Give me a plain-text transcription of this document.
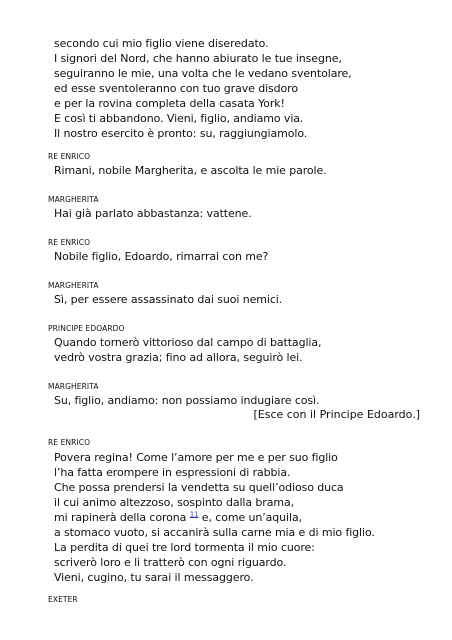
secondo cui mio figlio viene diseredato.
I signori del Nord, che hanno abiurato le tue insegne,
seguiranno le mie, una volta che le vedano sventolare,
ed esse sventoleranno con tuo grave disdoro
e per la rovina completa della casata York!
E così ti abbandono. Vieni, figlio, andiamo via.
Il nostro esercito è pronto: su, raggiungiamolo.
RE ENRICO
Rimani, nobile Margherita, e ascolta le mie parole.
MARGHERITA
Hai già parlato abbastanza: vattene.
RE ENRICO
Nobile figlio, Edoardo, rimarrai con me?
MARGHERITA
Sì, per essere assassinato dai suoi nemici.
PRINCIPE EDOARDO
Quando tornerò vittorioso dal campo di battaglia,
vedrò vostra grazia; fino ad allora, seguirò lei.
MARGHERITA
Su, figlio, andiamo: non possiamo indugiare così.
[Esce con il Principe Edoardo.]
RE ENRICO
Povera regina! Come l’amore per me e per suo figlio
l’ha fatta erompere in espressioni di rabbia.
Che possa prendersi la vendetta su quell’odioso duca
il cui animo altezzoso, sospinto dalla brama,
mi rapinerà della corona $^{11}$ e, come un’aquila,
a stomaco vuoto, si accanirà sulla carne mia e di mio figlio.
La perdita di quei tre lord tormenta il mio cuore:
scriverò loro e li tratterò con ogni riguardo.
Vieni, cugino, tu sarai il messaggero.
EXETER
